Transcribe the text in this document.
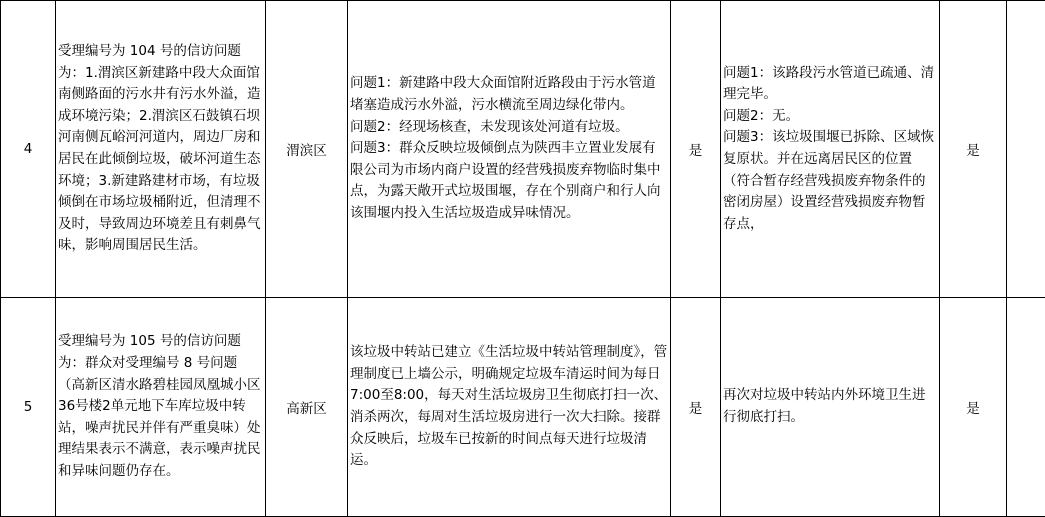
4	受理编号为 104 号的信访问题为：1.渭滨区新建路中段大众面馆南侧路面的污水井有污水外溢，造成环境污染；2.渭滨区石鼓镇石坝河南侧瓦峪河河道内，周边厂房和居民在此倾倒垃圾，破坏河道生态环境；3.新建路建材市场，有垃圾倾倒在市场垃圾桶附近，但清理不及时，导致周边环境差且有刺鼻气味，影响周围居民生活。	渭滨区	问题1：新建路中段大众面馆附近路段由于污水管道堵塞造成污水外溢，污水横流至周边绿化带内。
问题2：经现场核查，未发现该处河道有垃圾。
问题3：群众反映垃圾倾倒点为陕西丰立置业发展有限公司为市场内商户设置的经营残损废弃物临时集中点，为露天敞开式垃圾围堰，存在个别商户和行人向该围堰内投入生活垃圾造成异味情况。	是	问题1：该路段污水管道已疏通、清理完毕。
问题2：无。
问题3：该垃圾围堰已拆除、区域恢复原状。并在远离居民区的位置（符合暂存经营残损废弃物条件的密闭房屋）设置经营残损废弃物暂存点，	是	
5	受理编号为 105 号的信访问题为：群众对受理编号 8 号问题（高新区清水路碧桂园凤凰城小区36号楼2单元地下车库垃圾中转站，噪声扰民并伴有严重臭味）处理结果表示不满意，表示噪声扰民和异味问题仍存在。	高新区	该垃圾中转站已建立《生活垃圾中转站管理制度》，管理制度已上墙公示，明确规定垃圾车清运时间为每日7:00至8:00，每天对生活垃圾房卫生彻底打扫一次、消杀两次，每周对生活垃圾房进行一次大扫除。接群众反映后，垃圾车已按新的时间点每天进行垃圾清运。	是	再次对垃圾中转站内外环境卫生进行彻底打扫。	是	
